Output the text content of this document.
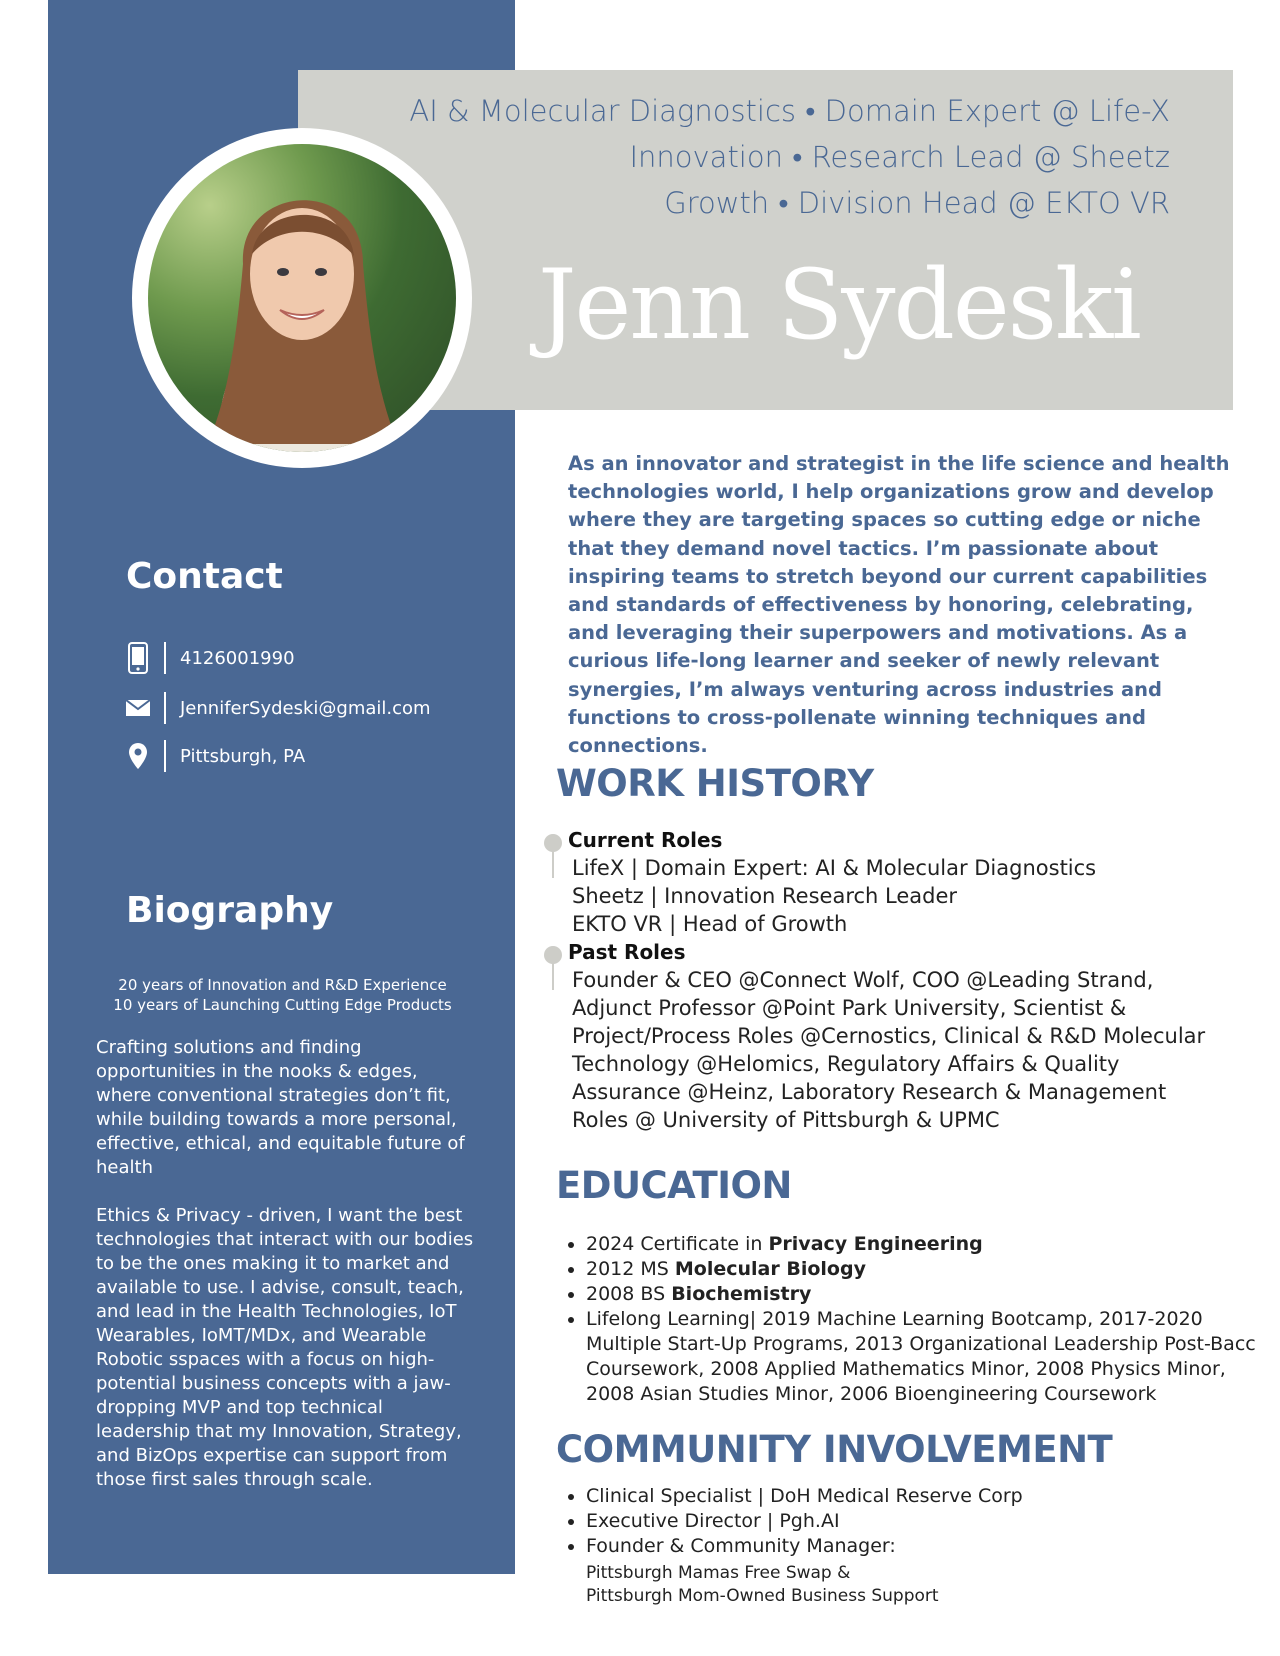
AI & Molecular Diagnostics • Domain Expert @ Life-X
Innovation • Research Lead @ Sheetz
Growth • Division Head @ EKTO VR
Jenn Sydeski
Contact
4126001990
JenniferSydeski@gmail.com
Pittsburgh, PA
Biography
20 years of Innovation and R&D Experience
10 years of Launching Cutting Edge Products

Crafting solutions and finding opportunities in the nooks & edges, where conventional strategies don’t fit, while building towards a more personal, effective, ethical, and equitable future of health

Ethics & Privacy - driven, I want the best technologies that interact with our bodies to be the ones making it to market and available to use. I advise, consult, teach, and lead in the Health Technologies, IoT Wearables, IoMT/MDx, and Wearable Robotic sspaces with a focus on high-potential business concepts with a jaw-dropping MVP and top technical leadership that my Innovation, Strategy, and BizOps expertise can support from those first sales through scale.

As an innovator and strategist in the life science and health technologies world, I help organizations grow and develop where they are targeting spaces so cutting edge or niche that they demand novel tactics. I’m passionate about inspiring teams to stretch beyond our current capabilities and standards of effectiveness by honoring, celebrating, and leveraging their superpowers and motivations. As a curious life-long learner and seeker of newly relevant synergies, I’m always venturing across industries and functions to cross-pollenate winning techniques and connections.

WORK HISTORY
Current Roles
LifeX | Domain Expert: AI & Molecular Diagnostics
Sheetz | Innovation Research Leader
EKTO VR | Head of Growth
Past Roles
Founder & CEO @Connect Wolf, COO @Leading Strand,
Adjunct Professor @Point Park University, Scientist &
Project/Process Roles @Cernostics, Clinical & R&D Molecular
Technology @Helomics, Regulatory Affairs & Quality
Assurance @Heinz, Laboratory Research & Management
Roles @ University of Pittsburgh & UPMC
EDUCATION
• 2024 Certificate in Privacy Engineering
• 2012 MS Molecular Biology
• 2008 BS Biochemistry
• Lifelong Learning| 2019 Machine Learning Bootcamp, 2017-2020 Multiple Start-Up Programs, 2013 Organizational Leadership Post-Bacc Coursework, 2008 Applied Mathematics Minor, 2008 Physics Minor, 2008 Asian Studies Minor, 2006 Bioengineering Coursework
COMMUNITY INVOLVEMENT
• Clinical Specialist | DoH Medical Reserve Corp
• Executive Director | Pgh.AI
• Founder & Community Manager:
Pittsburgh Mamas Free Swap &
Pittsburgh Mom-Owned Business Support
